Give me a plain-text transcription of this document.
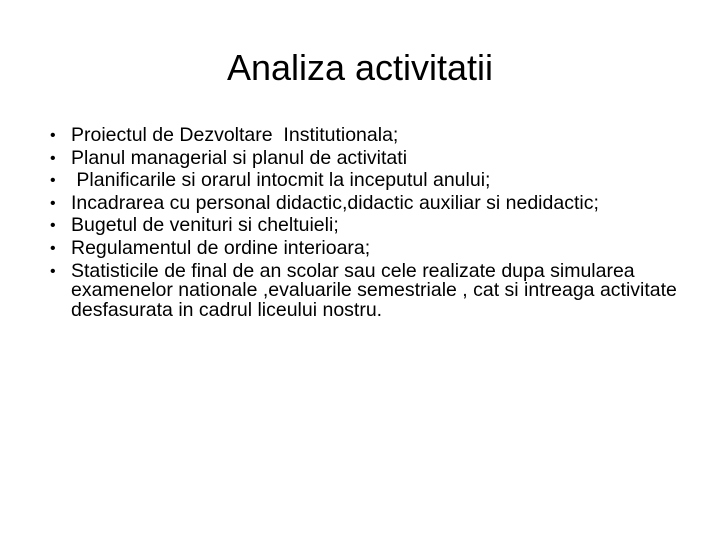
Analiza activitatii
• Proiectul de Dezvoltare  Institutionala;
• Planul managerial si planul de activitati
• Planificarile si orarul intocmit la inceputul anului;
• Incadrarea cu personal didactic,didactic auxiliar si nedidactic;
• Bugetul de venituri si cheltuieli;
• Regulamentul de ordine interioara;
• Statisticile de final de an scolar sau cele realizate dupa simularea examenelor nationale ,evaluarile semestriale , cat si intreaga activitate desfasurata in cadrul liceului nostru.
